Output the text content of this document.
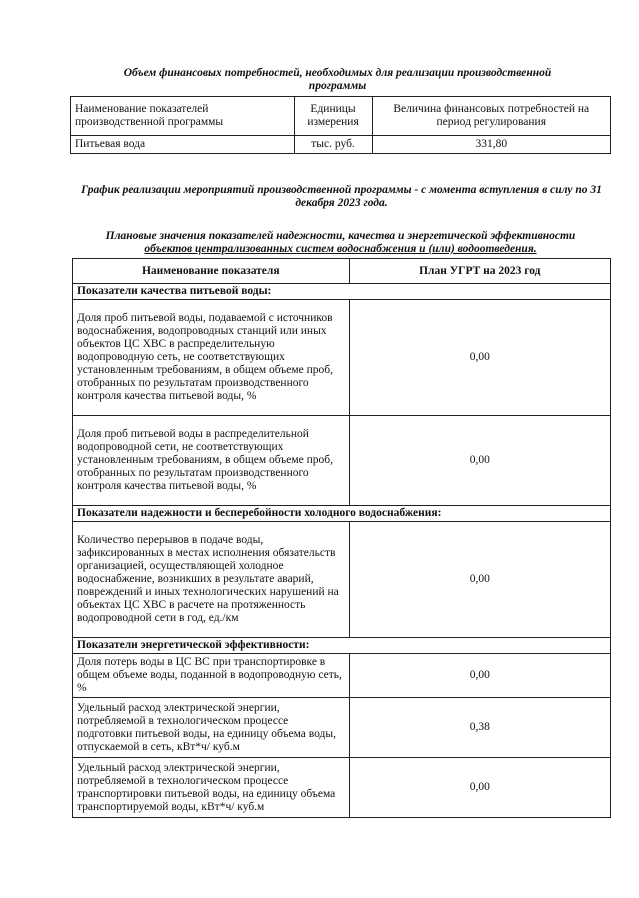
Объем финансовых потребностей, необходимых для реализации производственной
программы
Наименование показателей производственной программы	Единицы измерения	Величина финансовых потребностей на период регулирования
Питьевая вода	тыс. руб.	331,80
График реализации мероприятий производственной программы - с момента вступления в силу по 31 декабря 2023 года.
Плановые значения показателей надежности, качества и энергетической эффективности
объектов централизованных систем водоснабжения и (или) водоотведения.
Наименование показателя	План УГРТ на 2023 год
Показатели качества питьевой воды:	
Доля проб питьевой воды, подаваемой с источников водоснабжения, водопроводных станций или иных объектов ЦС ХВС в распределительную водопроводную сеть, не соответствующих установленным требованиям, в общем объеме проб, отобранных по результатам производственного контроля качества питьевой воды, %	0,00
Доля проб питьевой воды в распределительной водопроводной сети, не соответствующих установленным требованиям, в общем объеме проб, отобранных по результатам производственного контроля качества питьевой воды, %	0,00
Показатели надежности и бесперебойности холодного водоснабжения:	
Количество перерывов в подаче воды, зафиксированных в местах исполнения обязательств организацией, осуществляющей холодное водоснабжение, возникших в результате аварий, повреждений и иных технологических нарушений на объектах ЦС ХВС в расчете на протяженность водопроводной сети в год, ед./км	0,00
Показатели энергетической эффективности:	
Доля потерь воды в ЦС ВС при транспортировке в общем объеме воды, поданной в водопроводную сеть, %	0,00
Удельный расход электрической энергии, потребляемой в технологическом процессе подготовки питьевой воды, на единицу объема воды, отпускаемой в сеть, кВт*ч/ куб.м	0,38
Удельный расход электрической энергии, потребляемой в технологическом процессе транспортировки питьевой воды, на единицу объема транспортируемой воды, кВт*ч/ куб.м	0,00
